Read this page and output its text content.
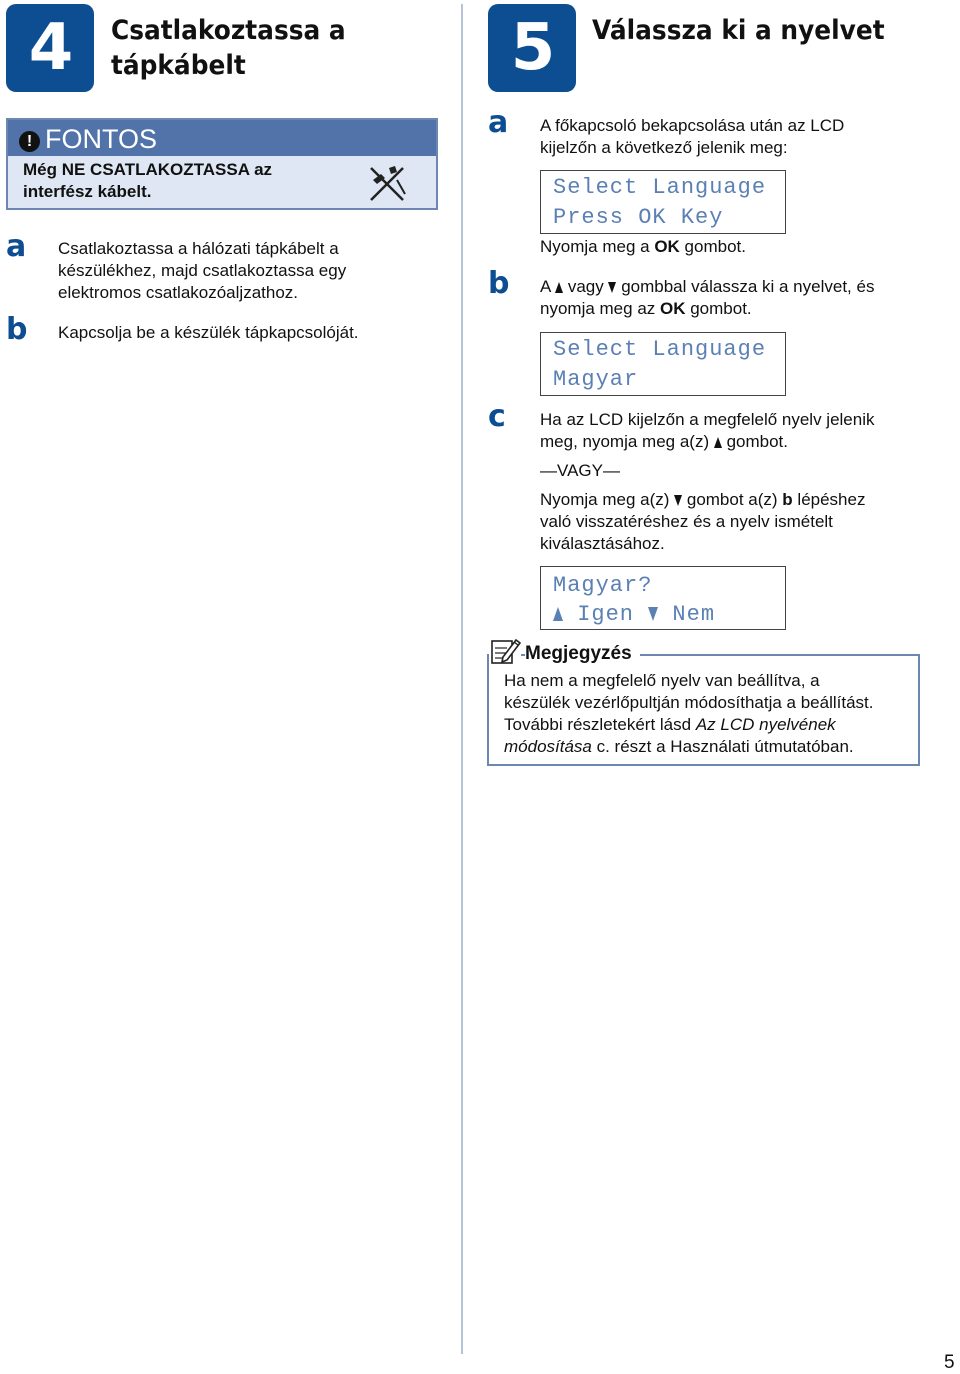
4 Csatlakoztassa a
tápkábelt
! FONTOS
Még NE CSATLAKOZTASSA az interfész kábelt.
a Csatlakoztassa a hálózati tápkábelt a készülékhez, majd csatlakoztassa egy elektromos csatlakozóaljzathoz.
b Kapcsolja be a készülék tápkapcsolóját.
5 Válassza ki a nyelvet
a A főkapcsoló bekapcsolása után az LCD kijelzőn a következő jelenik meg:
Select Language
Press OK Key
Nyomja meg a OK gombot.
b A  vagy  gombbal válassza ki a nyelvet, és
nyomja meg az OK gombot.
Select Language
Magyar
c Ha az LCD kijelzőn a megfelelő nyelv jelenik
meg, nyomja meg a(z)  gombot.
—VAGY—
Nyomja meg a(z)  gombot a(z) b lépéshez
való visszatéréshez és a nyelv ismételt
kiválasztásához.
Magyar?
Igen Nem
Ha nem a megfelelő nyelv van beállítva, a
készülék vezérlőpultján módosíthatja a beállítást.
További részletekért lásd Az LCD nyelvének
módosítása c. részt a Használati útmutatóban.
Megjegyzés
5
